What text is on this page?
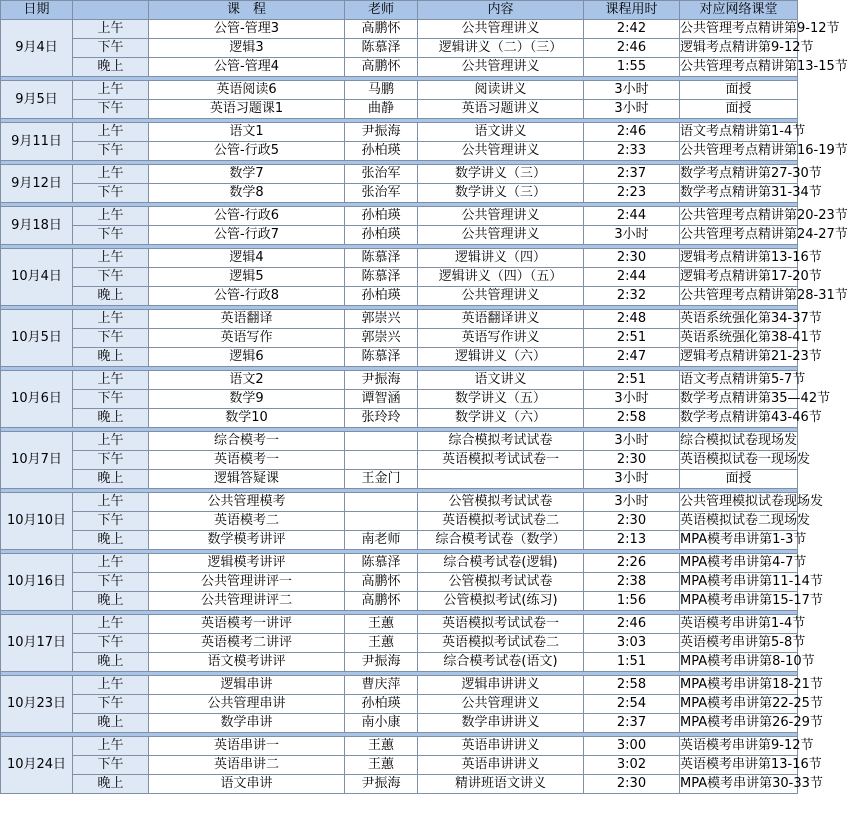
日期		课　程	老师	内容	课程用时	对应网络课堂
9月4日	上午	公管-管理3	高鹏怀	公共管理讲义	2:42	公共管理考点精讲第9-12节
	下午	逻辑3	陈慕泽	逻辑讲义（二）（三）	2:46	逻辑考点精讲第9-12节
	晚上	公管-管理4	高鹏怀	公共管理讲义	1:55	公共管理考点精讲第13-15节

9月5日	上午	英语阅读6	马鹏	阅读讲义	3小时	面授
	下午	英语习题课1	曲静	英语习题讲义	3小时	面授

9月11日	上午	语文1	尹振海	语文讲义	2:46	语文考点精讲第1-4节
	下午	公管-行政5	孙柏瑛	公共管理讲义	2:33	公共管理考点精讲第16-19节

9月12日	上午	数学7	张治军	数学讲义（三）	2:37	数学考点精讲第27-30节
	下午	数学8	张治军	数学讲义（三）	2:23	数学考点精讲第31-34节

9月18日	上午	公管-行政6	孙柏瑛	公共管理讲义	2:44	公共管理考点精讲第20-23节
	下午	公管-行政7	孙柏瑛	公共管理讲义	3小时	公共管理考点精讲第24-27节

10月4日	上午	逻辑4	陈慕泽	逻辑讲义（四）	2:30	逻辑考点精讲第13-16节
	下午	逻辑5	陈慕泽	逻辑讲义（四）（五）	2:44	逻辑考点精讲第17-20节
	晚上	公管-行政8	孙柏瑛	公共管理讲义	2:32	公共管理考点精讲第28-31节

10月5日	上午	英语翻译	郭崇兴	英语翻译讲义	2:48	英语系统强化第34-37节
	下午	英语写作	郭崇兴	英语写作讲义	2:51	英语系统强化第38-41节
	晚上	逻辑6	陈慕泽	逻辑讲义（六）	2:47	逻辑考点精讲第21-23节

10月6日	上午	语文2	尹振海	语文讲义	2:51	语文考点精讲第5-7节
	下午	数学9	谭智涵	数学讲义（五）	3小时	数学考点精讲第35—42节
	晚上	数学10	张玲玲	数学讲义（六）	2:58	数学考点精讲第43-46节

10月7日	上午	综合模考一		综合模拟考试试卷	3小时	综合模拟试卷现场发
	下午	英语模考一		英语模拟考试试卷一	2:30	英语模拟试卷一现场发
	晚上	逻辑答疑课	王金门		3小时	面授

10月10日	上午	公共管理模考		公管模拟考试试卷	3小时	公共管理模拟试卷现场发
	下午	英语模考二		英语模拟考试试卷二	2:30	英语模拟试卷二现场发
	晚上	数学模考讲评	南老师	综合模考试卷（数学）	2:13	MPA模考串讲第1-3节

10月16日	上午	逻辑模考讲评	陈慕泽	综合模考试卷(逻辑)	2:26	MPA模考串讲第4-7节
	下午	公共管理讲评一	高鹏怀	公管模拟考试试卷	2:38	MPA模考串讲第11-14节
	晚上	公共管理讲评二	高鹏怀	公管模拟考试(练习)	1:56	MPA模考串讲第15-17节

10月17日	上午	英语模考一讲评	王蕙	英语模拟考试试卷一	2:46	英语模考串讲第1-4节
	下午	英语模考二讲评	王蕙	英语模拟考试试卷二	3:03	英语模考串讲第5-8节
	晚上	语文模考讲评	尹振海	综合模考试卷(语文)	1:51	MPA模考串讲第8-10节

10月23日	上午	逻辑串讲	曹庆萍	逻辑串讲讲义	2:58	MPA模考串讲第18-21节
	下午	公共管理串讲	孙柏瑛	公共管理讲义	2:54	MPA模考串讲第22-25节
	晚上	数学串讲	南小康	数学串讲讲义	2:37	MPA模考串讲第26-29节

10月24日	上午	英语串讲一	王蕙	英语串讲讲义	3:00	英语模考串讲第9-12节
	下午	英语串讲二	王蕙	英语串讲讲义	3:02	英语模考串讲第13-16节
	晚上	语文串讲	尹振海	精讲班语文讲义	2:30	MPA模考串讲第30-33节
